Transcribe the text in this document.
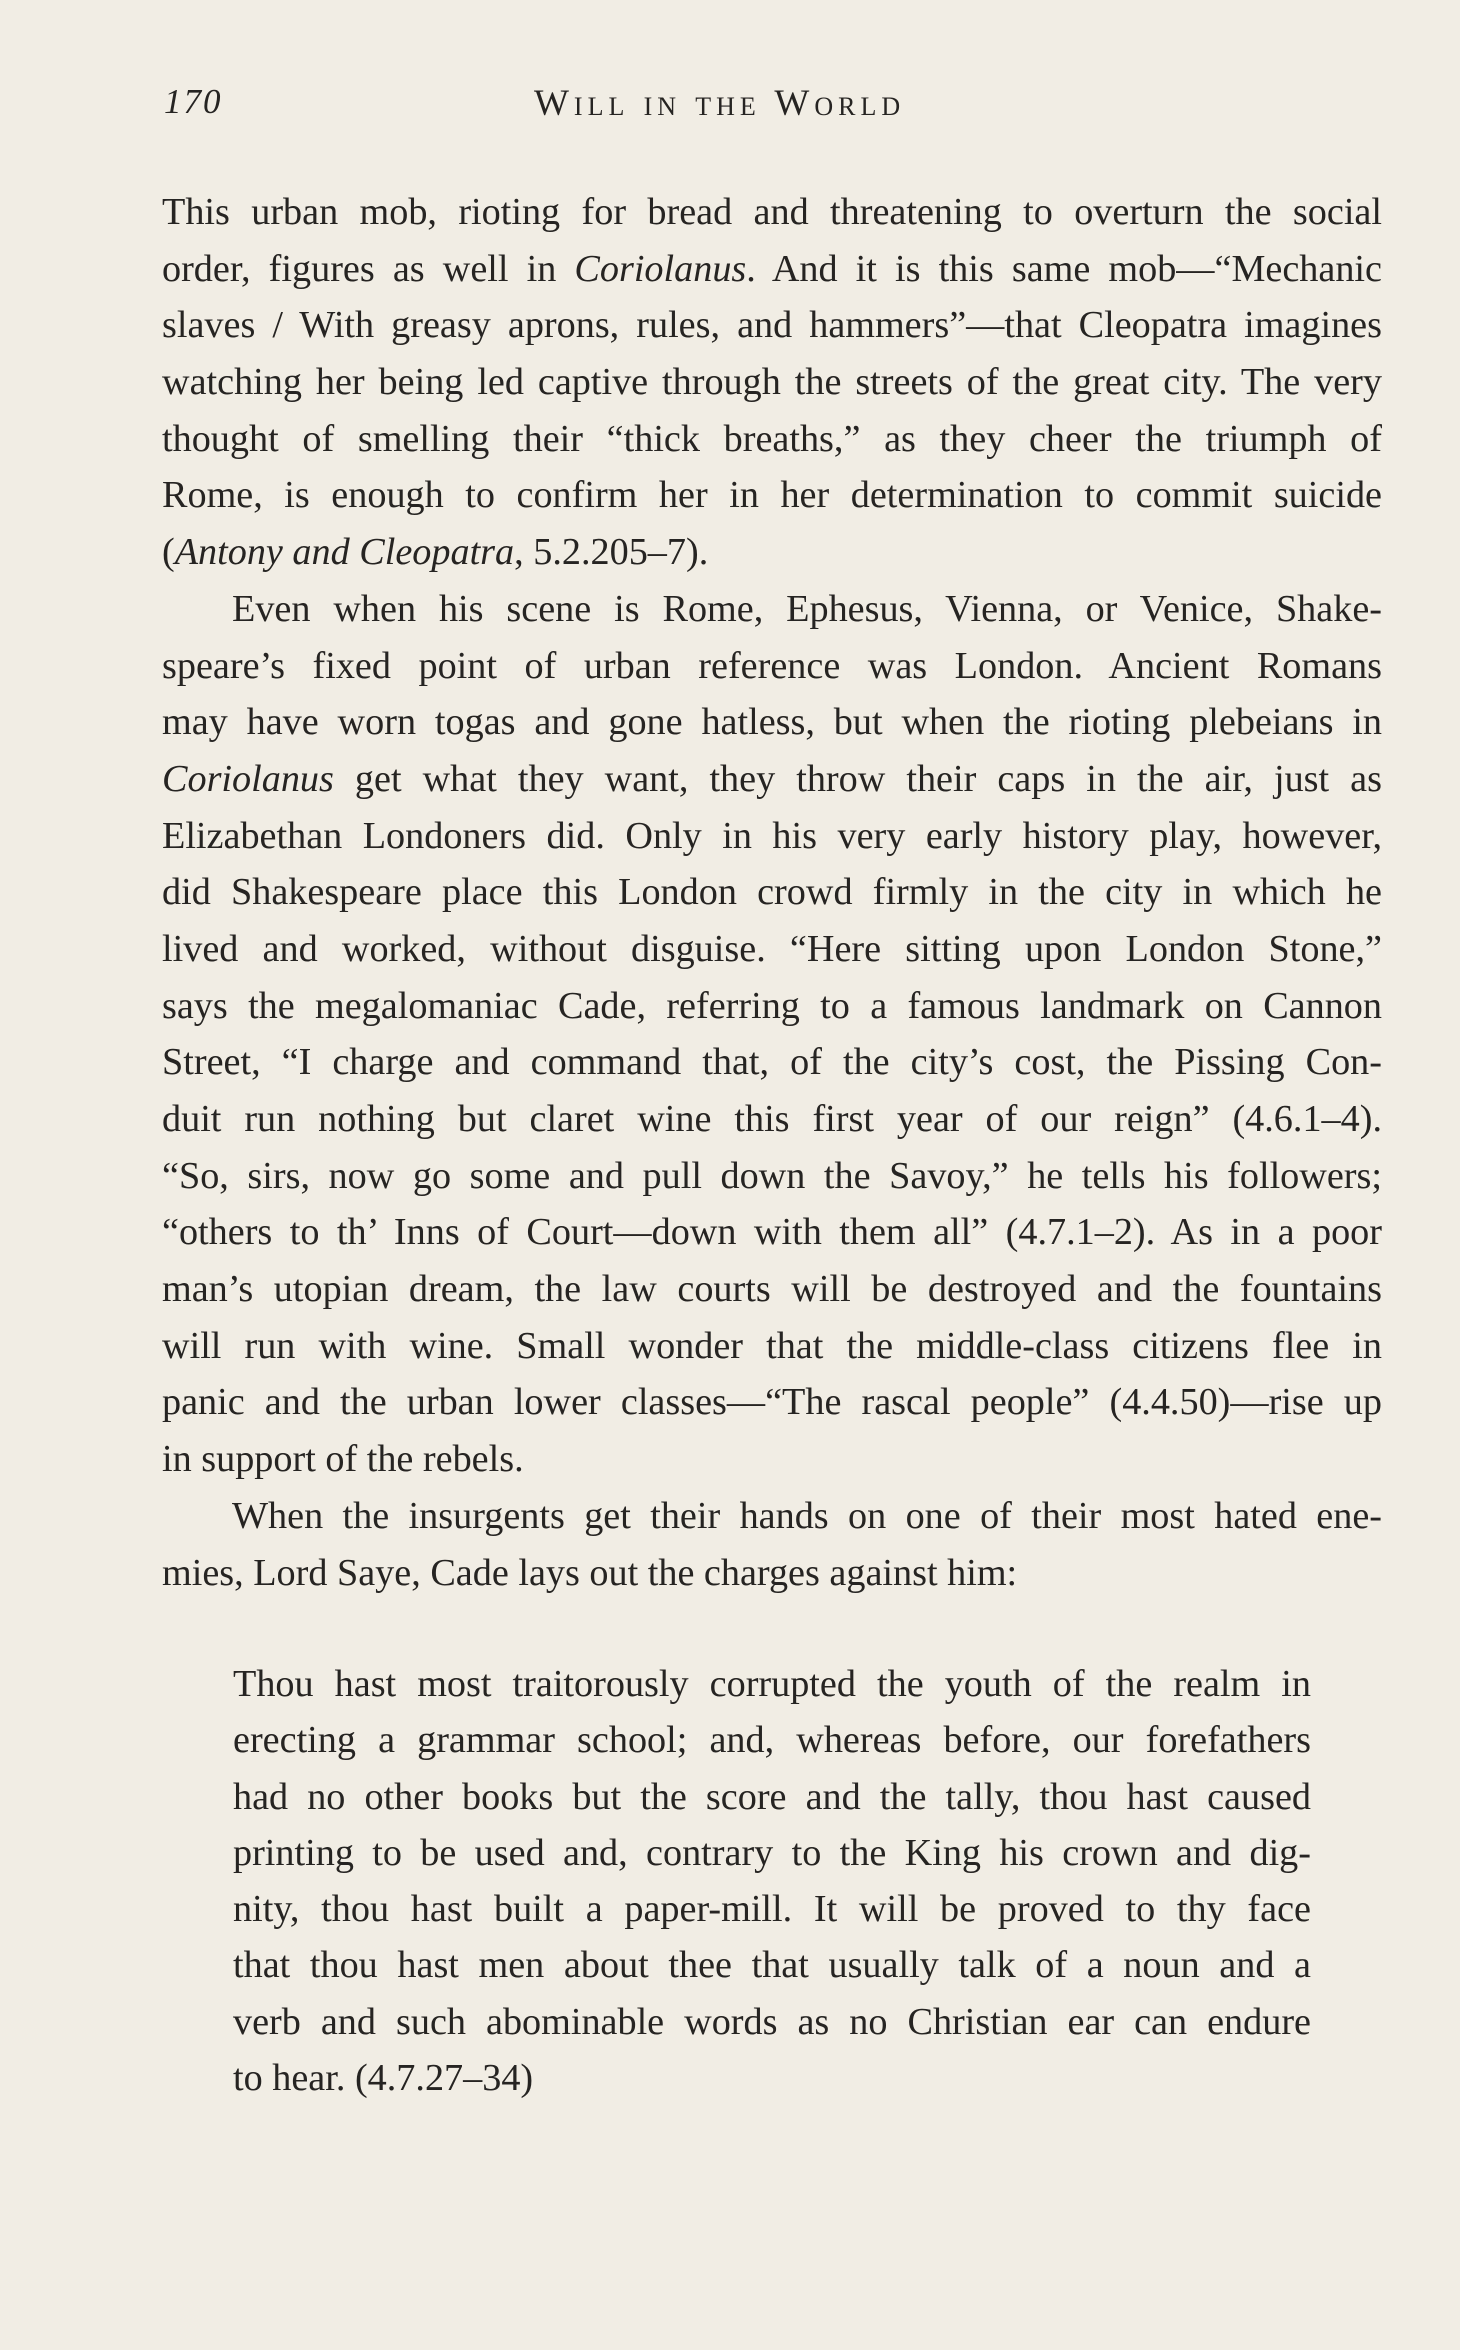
170	Will in the World
This urban mob, rioting for bread and threatening to overturn the social
order, figures as well in Coriolanus. And it is this same mob—“Mechanic
slaves / With greasy aprons, rules, and hammers”—that Cleopatra imagines
watching her being led captive through the streets of the great city. The very
thought of smelling their “thick breaths,” as they cheer the triumph of
Rome, is enough to confirm her in her determination to commit suicide
(Antony and Cleopatra, 5.2.205–7).
Even when his scene is Rome, Ephesus, Vienna, or Venice, Shake-
speare’s fixed point of urban reference was London. Ancient Romans
may have worn togas and gone hatless, but when the rioting plebeians in
Coriolanus get what they want, they throw their caps in the air, just as
Elizabethan Londoners did. Only in his very early history play, however,
did Shakespeare place this London crowd firmly in the city in which he
lived and worked, without disguise. “Here sitting upon London Stone,”
says the megalomaniac Cade, referring to a famous landmark on Cannon
Street, “I charge and command that, of the city’s cost, the Pissing Con-
duit run nothing but claret wine this first year of our reign” (4.6.1–4).
“So, sirs, now go some and pull down the Savoy,” he tells his followers;
“others to th’ Inns of Court—down with them all” (4.7.1–2). As in a poor
man’s utopian dream, the law courts will be destroyed and the fountains
will run with wine. Small wonder that the middle-class citizens flee in
panic and the urban lower classes—“The rascal people” (4.4.50)—rise up
in support of the rebels.
When the insurgents get their hands on one of their most hated ene-
mies, Lord Saye, Cade lays out the charges against him:
Thou hast most traitorously corrupted the youth of the realm in
erecting a grammar school; and, whereas before, our forefathers
had no other books but the score and the tally, thou hast caused
printing to be used and, contrary to the King his crown and dig-
nity, thou hast built a paper-mill. It will be proved to thy face
that thou hast men about thee that usually talk of a noun and a
verb and such abominable words as no Christian ear can endure
to hear. (4.7.27–34)
